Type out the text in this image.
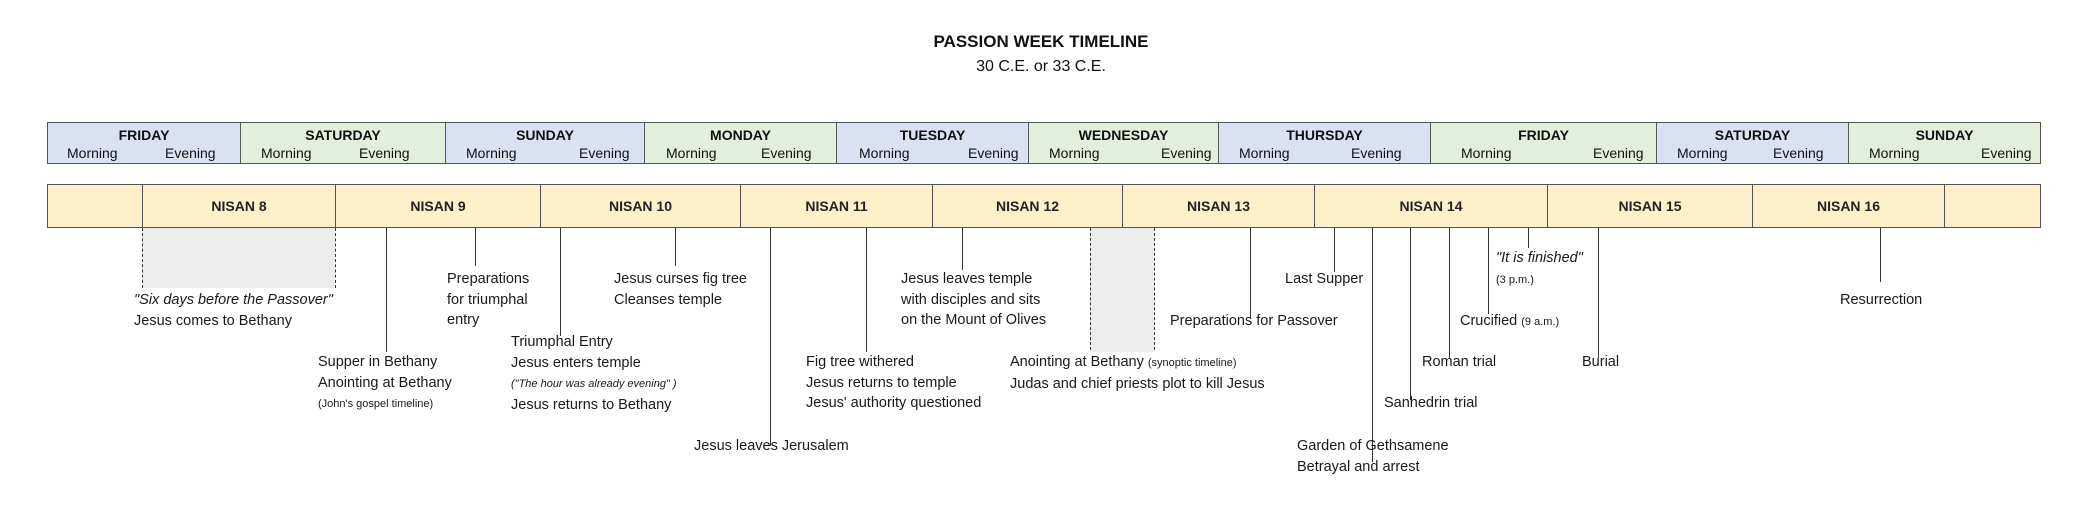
PASSION WEEK TIMELINE
30 C.E. or 33 C.E.
FRIDAY
Morning	Evening
SATURDAY
Morning	Evening
SUNDAY
Morning	Evening
MONDAY
Morning	Evening
TUESDAY
Morning	Evening
WEDNESDAY
Morning	Evening
THURSDAY
Morning	Evening
FRIDAY
Morning	Evening
SATURDAY
Morning	Evening
SUNDAY
Morning	Evening
NISAN 8	NISAN 9	NISAN 10	NISAN 11	NISAN 12	NISAN 13	NISAN 14	NISAN 15	NISAN 16
"Six days before the Passover"
Jesus comes to Bethany
Supper in Bethany
Anointing at Bethany
(John's gospel timeline)
Preparations
for triumphal
entry
Triumphal Entry
Jesus enters temple
("The hour was already evening" )
Jesus returns to Bethany
Jesus curses fig tree
Cleanses temple
Jesus leaves Jerusalem
Fig tree withered
Jesus returns to temple
Jesus' authority questioned
Jesus leaves temple
with disciples and sits
on the Mount of Olives
Anointing at Bethany (synoptic timeline)
Judas and chief priests plot to kill Jesus
Preparations for Passover
Last Supper
Garden of Gethsamene
Betrayal and arrest
Sanhedrin trial
Roman trial
"It is finished"
(3 p.m.)
Crucified (9 a.m.)
Burial
Resurrection
